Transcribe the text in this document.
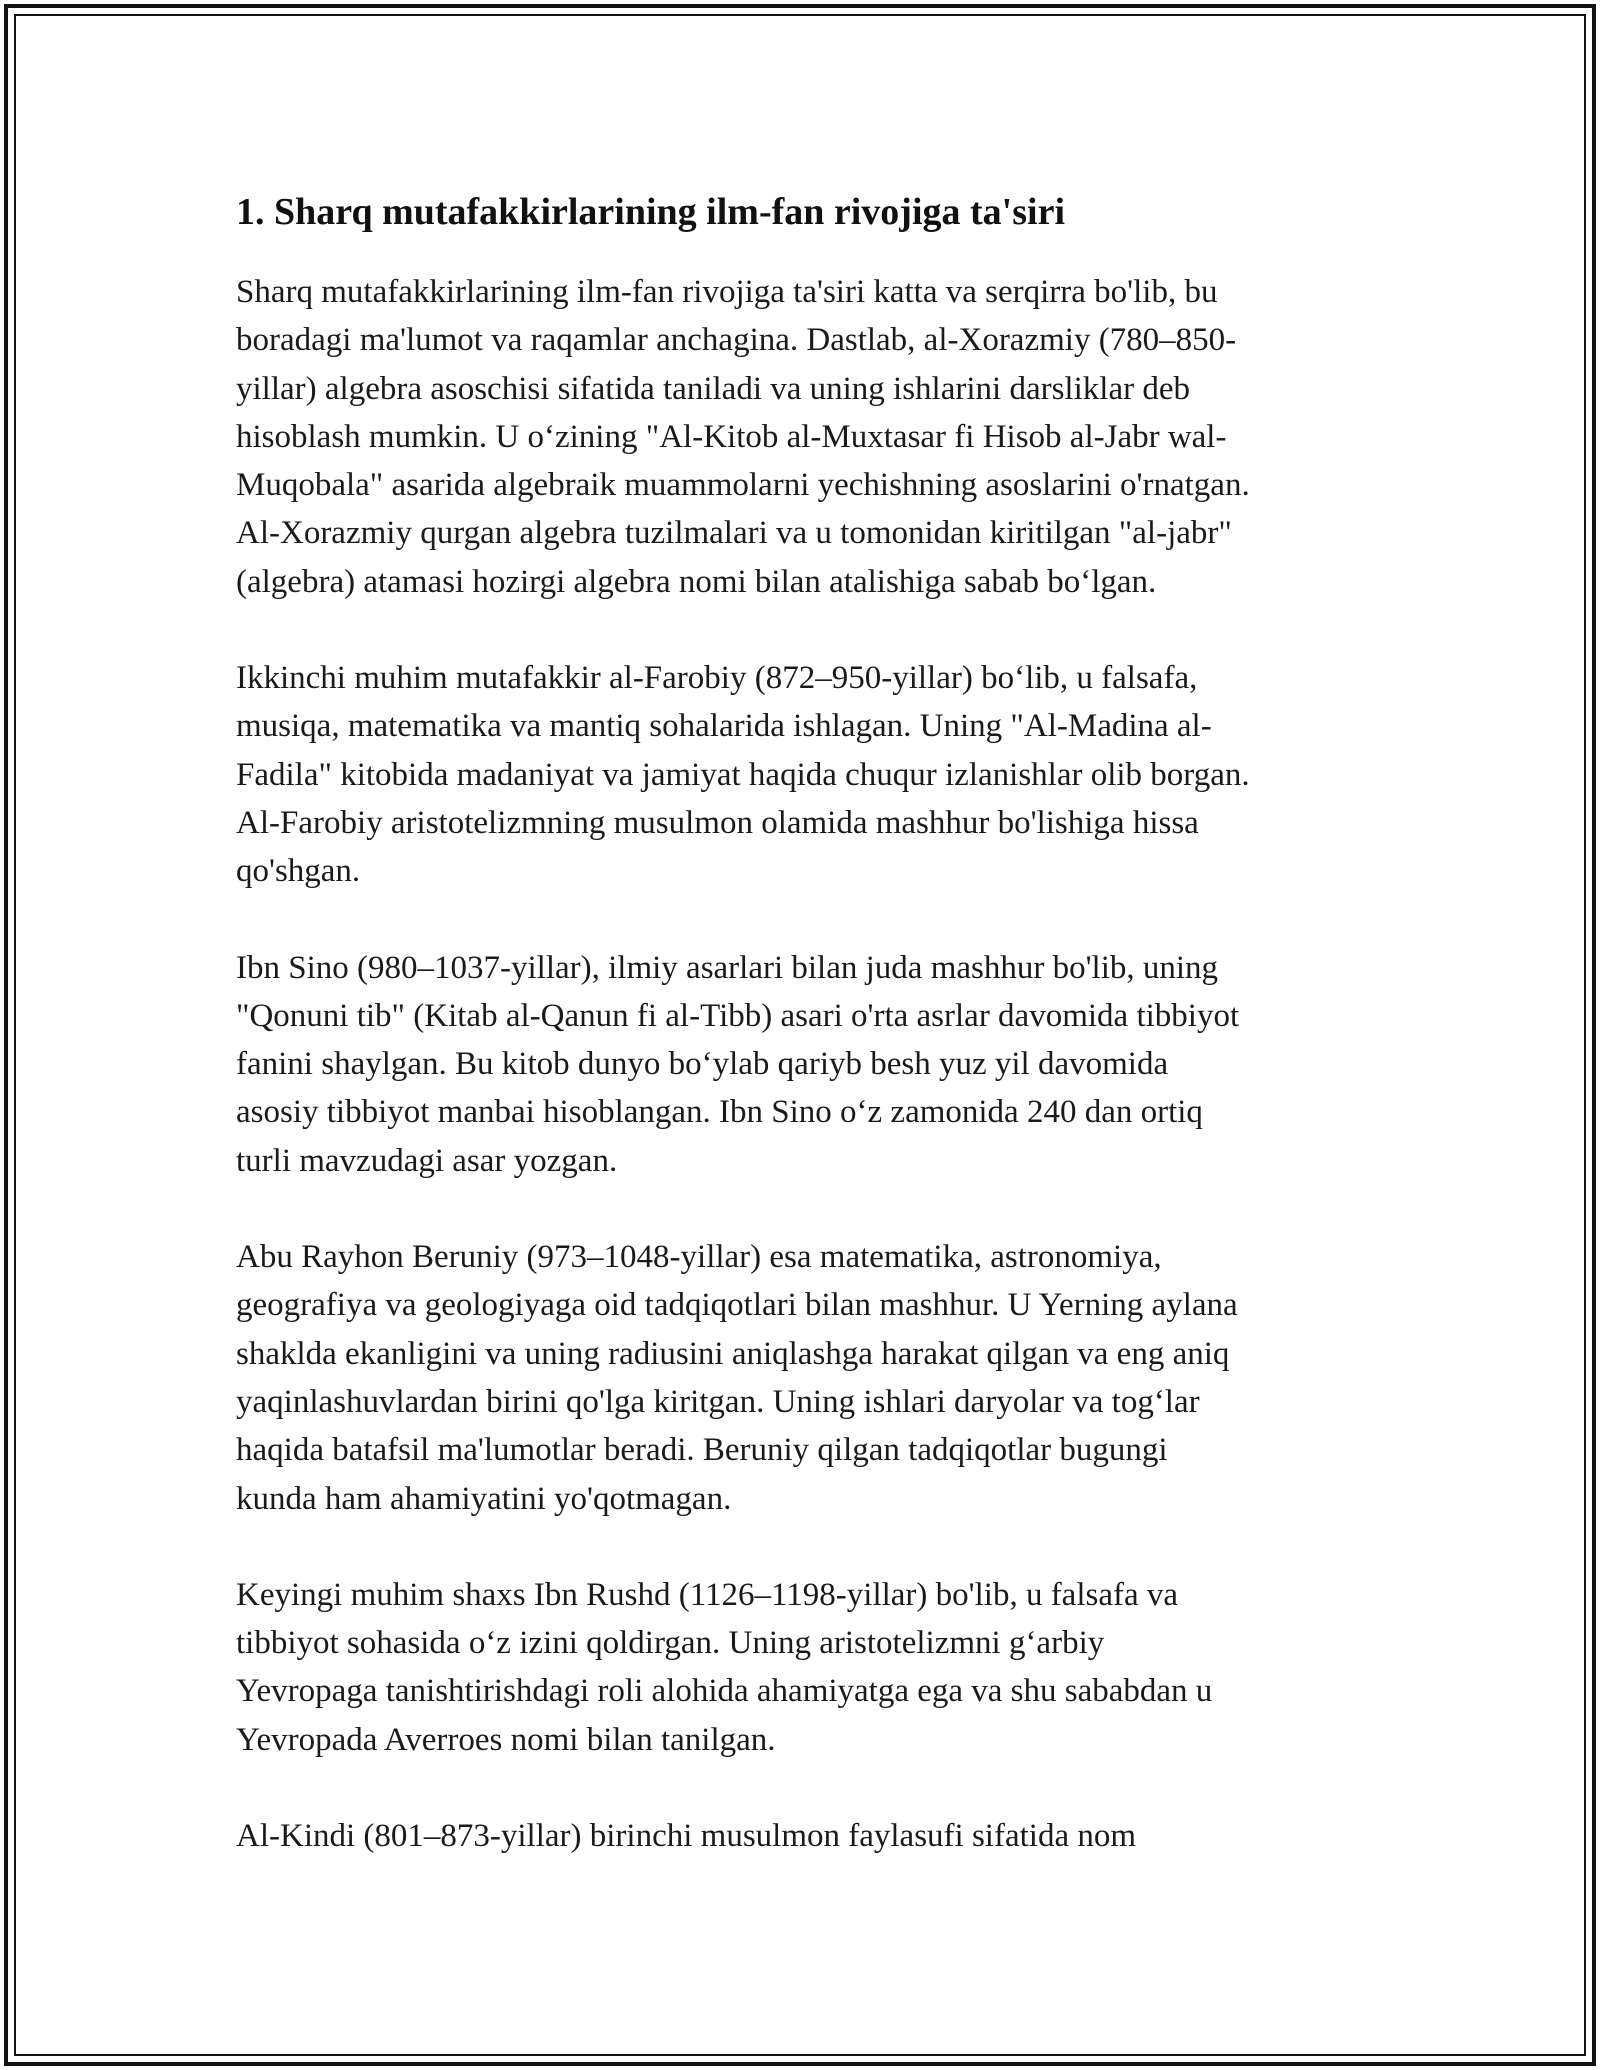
1. Sharq mutafakkirlarining ilm-fan rivojiga ta'siri

Sharq mutafakkirlarining ilm-fan rivojiga ta'siri katta va serqirra bo'lib, bu
boradagi ma'lumot va raqamlar anchagina. Dastlab, al-Xorazmiy (780–850-
yillar) algebra asoschisi sifatida taniladi va uning ishlarini darsliklar deb
hisoblash mumkin. U oʻzining "Al-Kitob al-Muxtasar fi Hisob al-Jabr wal-
Muqobala" asarida algebraik muammolarni yechishning asoslarini o'rnatgan.
Al-Xorazmiy qurgan algebra tuzilmalari va u tomonidan kiritilgan "al-jabr"
(algebra) atamasi hozirgi algebra nomi bilan atalishiga sabab boʻlgan.

Ikkinchi muhim mutafakkir al-Farobiy (872–950-yillar) boʻlib, u falsafa,
musiqa, matematika va mantiq sohalarida ishlagan. Uning "Al-Madina al-
Fadila" kitobida madaniyat va jamiyat haqida chuqur izlanishlar olib borgan.
Al-Farobiy aristotelizmning musulmon olamida mashhur bo'lishiga hissa
qo'shgan.

Ibn Sino (980–1037-yillar), ilmiy asarlari bilan juda mashhur bo'lib, uning
"Qonuni tib" (Kitab al-Qanun fi al-Tibb) asari o'rta asrlar davomida tibbiyot
fanini shaylgan. Bu kitob dunyo boʻylab qariyb besh yuz yil davomida
asosiy tibbiyot manbai hisoblangan. Ibn Sino oʻz zamonida 240 dan ortiq
turli mavzudagi asar yozgan.

Abu Rayhon Beruniy (973–1048-yillar) esa matematika, astronomiya,
geografiya va geologiyaga oid tadqiqotlari bilan mashhur. U Yerning aylana
shaklda ekanligini va uning radiusini aniqlashga harakat qilgan va eng aniq
yaqinlashuvlardan birini qo'lga kiritgan. Uning ishlari daryolar va togʻlar
haqida batafsil ma'lumotlar beradi. Beruniy qilgan tadqiqotlar bugungi
kunda ham ahamiyatini yo'qotmagan.

Keyingi muhim shaxs Ibn Rushd (1126–1198-yillar) bo'lib, u falsafa va
tibbiyot sohasida oʻz izini qoldirgan. Uning aristotelizmni gʻarbiy
Yevropaga tanishtirishdagi roli alohida ahamiyatga ega va shu sababdan u
Yevropada Averroes nomi bilan tanilgan.

Al-Kindi (801–873-yillar) birinchi musulmon faylasufi sifatida nom
